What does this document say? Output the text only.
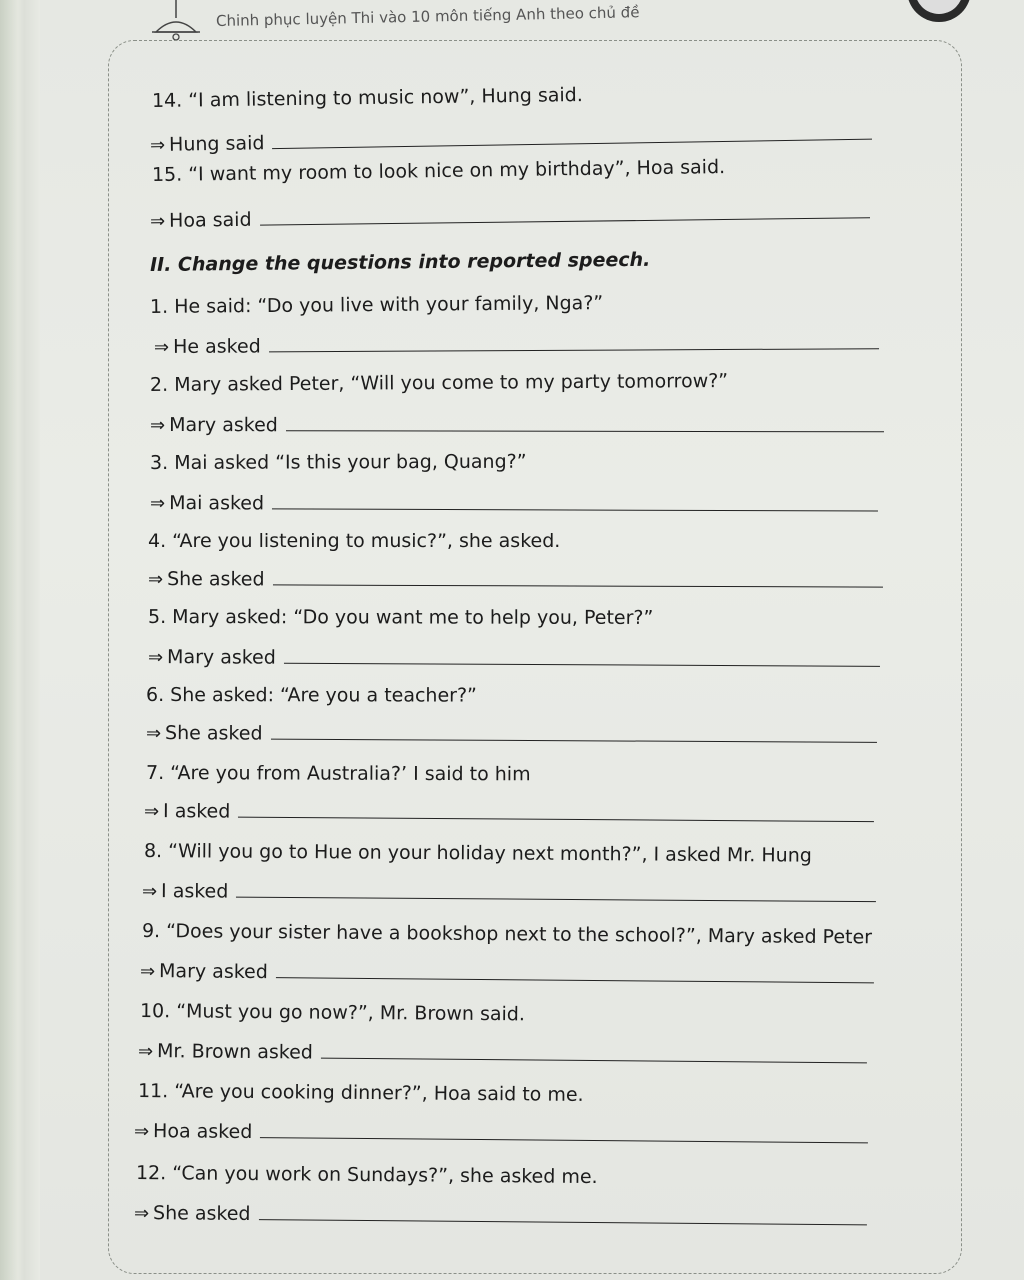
Chinh phục luyện Thi vào 10 môn tiếng Anh theo chủ đề
14. “I am listening to music now”, Hung said.
⇒ Hung said
15. “I want my room to look nice on my birthday”, Hoa said.
⇒ Hoa said
II. Change the questions into reported speech.
1. He said: “Do you live with your family, Nga?”
⇒ He asked
2. Mary asked Peter, “Will you come to my party tomorrow?”
⇒ Mary asked
3. Mai asked “Is this your bag, Quang?”
⇒ Mai asked
4. “Are you listening to music?”, she asked.
⇒ She asked
5. Mary asked: “Do you want me to help you, Peter?”
⇒ Mary asked
6. She asked: “Are you a teacher?”
⇒ She asked
7. “Are you from Australia?’ I said to him
⇒ I asked
8. “Will you go to Hue on your holiday next month?”, I asked Mr. Hung
⇒ I asked
9. “Does your sister have a bookshop next to the school?”, Mary asked Peter
⇒ Mary asked
10. “Must you go now?”, Mr. Brown said.
⇒ Mr. Brown asked
11. “Are you cooking dinner?”, Hoa said to me.
⇒ Hoa asked
12. “Can you work on Sundays?”, she asked me.
⇒ She asked
